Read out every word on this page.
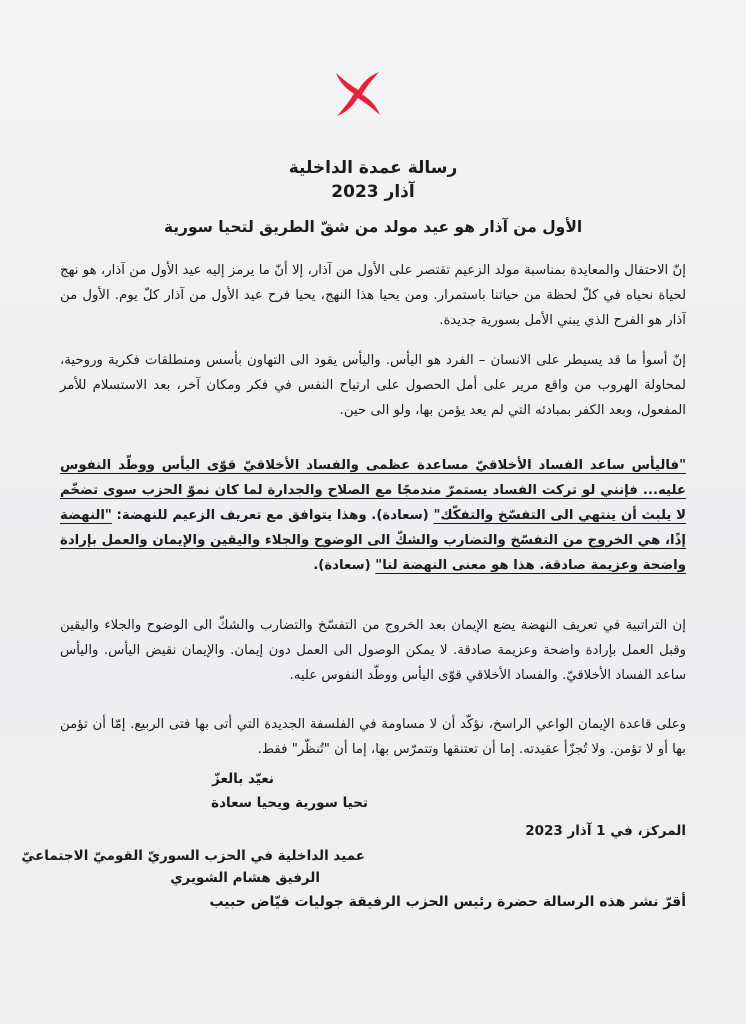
رسالة عمدة الداخلية
آذار 2023
الأول من آذار هو عيد مولد من شقّ الطريق لتحيا سورية
إنّ الاحتفال والمعايدة بمناسبة مولد الزعيم تقتصر على الأول من آذار، إلا أنّ ما يرمز إليه عيد الأول من آذار، هو نهج لحياة نحياه في كلّ لحظة من حياتنا باستمرار. ومن يحيا هذا النهج، يحيا فرح عيد الأول من آذار كلّ يوم. الأول من آذار هو الفرح الذي يبني الأمل بسورية جديدة.
إنّ أسوأ ما قد يسيطر على الانسان – الفرد هو اليأس. واليأس يقود الى التهاون بأسس ومنطلقات فكرية وروحية، لمحاولة الهروب من واقع مرير على أمل الحصول على ارتياح النفس في فكر ومكان آخر، بعد الاستسلام للأمر المفعول، وبعد الكفر بمبادئه التي لم يعد يؤمن بها، ولو الى حين.
"فاليأس ساعد الفساد الأخلاقيّ مساعدة عظمى والفساد الأخلاقيّ قوّى اليأس ووطّد النفوس عليه... فإنني لو تركت الفساد يستمرّ مندمجًا مع الصلاح والجدارة لما كان نموّ الحزب سوى تضخّم لا يلبث أن ينتهي الى التفسّخ والتفكّك" (سعادة). وهذا يتوافق مع تعريف الزعيم للنهضة: "النهضة إذًا، هي الخروج من التفسّخ والتضارب والشكّ الى الوضوح والجلاء واليقين والإيمان والعمل بإرادة واضحة وعزيمة صادقة. هذا هو معنى النهضة لنا" (سعادة).
إن التراتبية في تعريف النهضة يضع الإيمان بعد الخروج من التفسّخ والتضارب والشكّ الى الوضوح والجلاء واليقين وقبل العمل بإرادة واضحة وعزيمة صادقة. لا يمكن الوصول الى العمل دون إيمان. والإيمان نقيض اليأس. واليأس ساعد الفساد الأخلاقيّ. والفساد الأخلاقي قوّى اليأس ووطّد النفوس عليه.
وعلى قاعدة الإيمان الواعي الراسخ، نؤكّد أن لا مساومة في الفلسفة الجديدة التي أتى بها فتى الربيع. إمّا أن تؤمن بها أو لا تؤمن. ولا تُجزّأ عقيدته. إما أن تعتنقها وتتمرّس بها، إما أن "تُنظّر" فقط.
نعيّد بالعزّ
تحيا سورية ويحيا سعادة
المركز، في 1 آذار 2023
عميد الداخلية في الحزب السوريّ القوميّ الاجتماعيّ
الرفيق هشام الشويري
أقرّ نشر هذه الرسالة حضرة رئيس الحزب الرفيقة جوليات فيّاض حبيب
